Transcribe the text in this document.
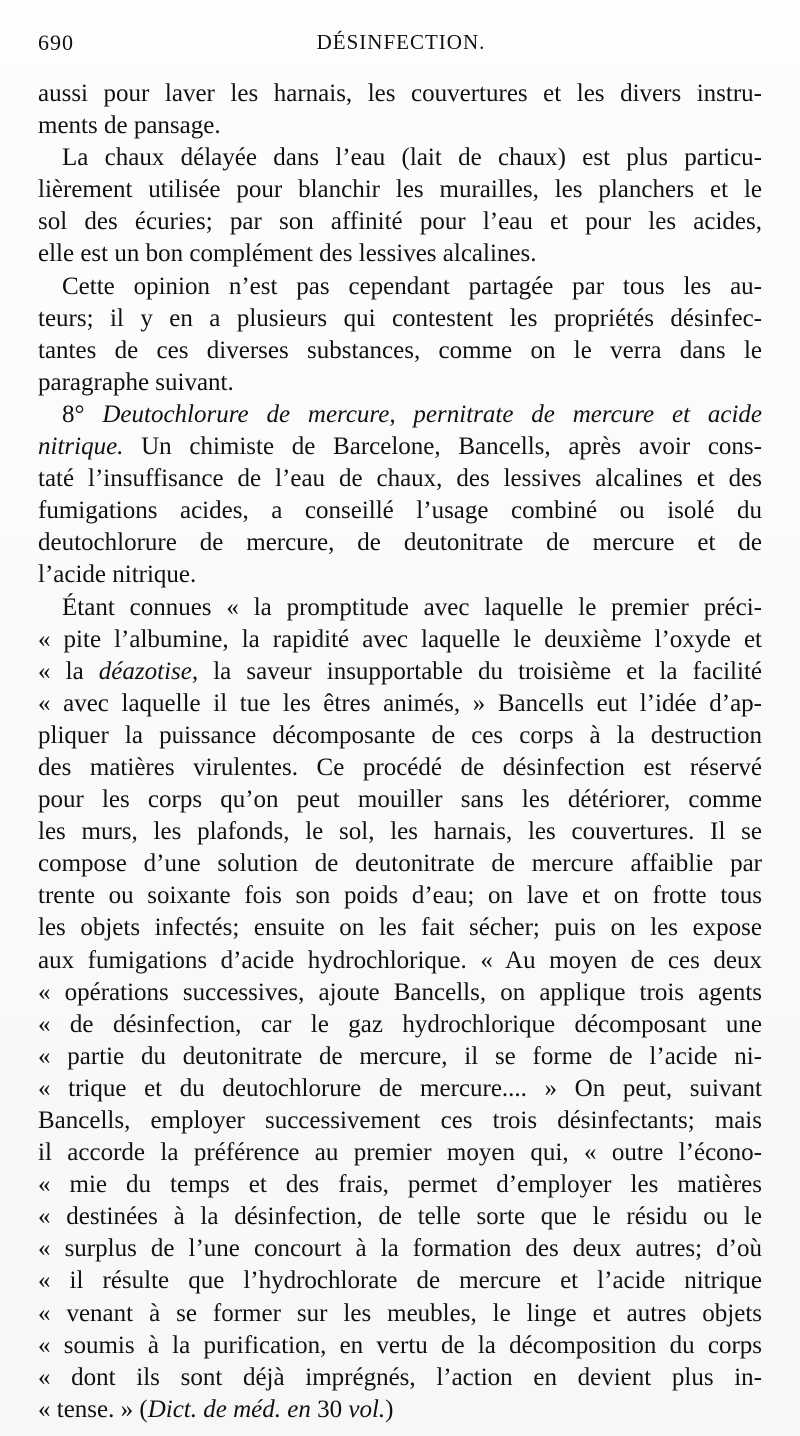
690	DÉSINFECTION.
aussi pour laver les harnais, les couvertures et les divers instru-
ments de pansage.
La chaux délayée dans l’eau (lait de chaux) est plus particu-
lièrement utilisée pour blanchir les murailles, les planchers et le
sol des écuries; par son affinité pour l’eau et pour les acides,
elle est un bon complément des lessives alcalines.
Cette opinion n’est pas cependant partagée par tous les au-
teurs; il y en a plusieurs qui contestent les propriétés désinfec-
tantes de ces diverses substances, comme on le verra dans le
paragraphe suivant.
8° Deutochlorure de mercure, pernitrate de mercure et acide
nitrique. Un chimiste de Barcelone, Bancells, après avoir cons-
taté l’insuffisance de l’eau de chaux, des lessives alcalines et des
fumigations acides, a conseillé l’usage combiné ou isolé du
deutochlorure de mercure, de deutonitrate de mercure et de
l’acide nitrique.
Étant connues « la promptitude avec laquelle le premier préci-
« pite l’albumine, la rapidité avec laquelle le deuxième l’oxyde et
« la déazotise, la saveur insupportable du troisième et la facilité
« avec laquelle il tue les êtres animés, » Bancells eut l’idée d’ap-
pliquer la puissance décomposante de ces corps à la destruction
des matières virulentes. Ce procédé de désinfection est réservé
pour les corps qu’on peut mouiller sans les détériorer, comme
les murs, les plafonds, le sol, les harnais, les couvertures. Il se
compose d’une solution de deutonitrate de mercure affaiblie par
trente ou soixante fois son poids d’eau; on lave et on frotte tous
les objets infectés; ensuite on les fait sécher; puis on les expose
aux fumigations d’acide hydrochlorique. « Au moyen de ces deux
« opérations successives, ajoute Bancells, on applique trois agents
« de désinfection, car le gaz hydrochlorique décomposant une
« partie du deutonitrate de mercure, il se forme de l’acide ni-
« trique et du deutochlorure de mercure.... » On peut, suivant
Bancells, employer successivement ces trois désinfectants; mais
il accorde la préférence au premier moyen qui, « outre l’écono-
« mie du temps et des frais, permet d’employer les matières
« destinées à la désinfection, de telle sorte que le résidu ou le
« surplus de l’une concourt à la formation des deux autres; d’où
« il résulte que l’hydrochlorate de mercure et l’acide nitrique
« venant à se former sur les meubles, le linge et autres objets
« soumis à la purification, en vertu de la décomposition du corps
« dont ils sont déjà imprégnés, l’action en devient plus in-
« tense. » (Dict. de méd. en 30 vol.)
